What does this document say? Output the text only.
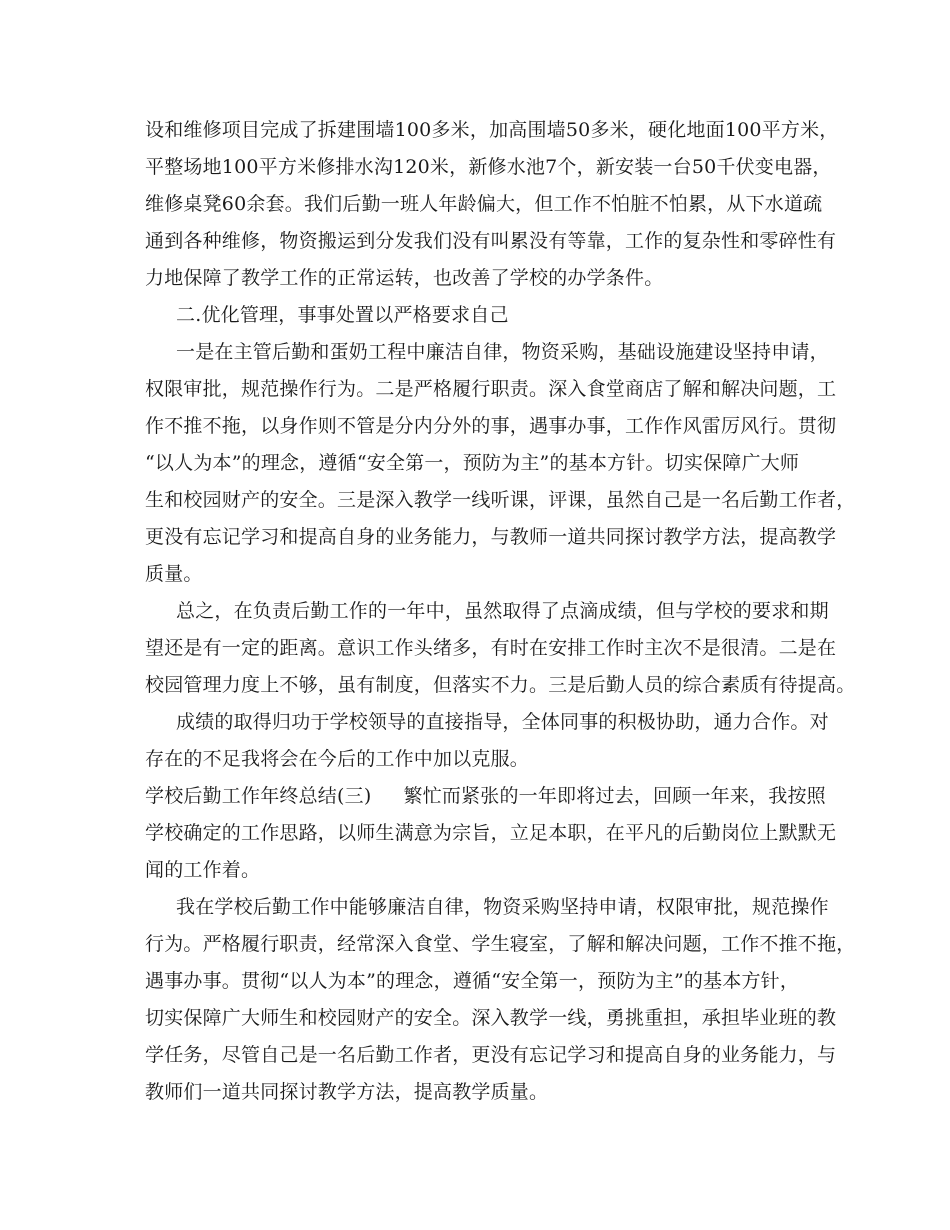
设和维修项目完成了拆建围墙100多米，加高围墙50多米，硬化地面100平方米，

平整场地100平方米修排水沟120米，新修水池7个，新安装一台50千伏变电器，

维修桌凳60余套。我们后勤一班人年龄偏大，但工作不怕脏不怕累，从下水道疏

通到各种维修，物资搬运到分发我们没有叫累没有等靠，工作的复杂性和零碎性有

力地保障了教学工作的正常运转，也改善了学校的办学条件。

二.优化管理，事事处置以严格要求自己

一是在主管后勤和蛋奶工程中廉洁自律，物资采购，基础设施建设坚持申请，

权限审批，规范操作行为。二是严格履行职责。深入食堂商店了解和解决问题，工

作不推不拖，以身作则不管是分内分外的事，遇事办事，工作作风雷厉风行。贯彻

“以人为本”的理念，遵循“安全第一，预防为主”的基本方针。切实保障广大师

生和校园财产的安全。三是深入教学一线听课，评课，虽然自己是一名后勤工作者，

更没有忘记学习和提高自身的业务能力，与教师一道共同探讨教学方法，提高教学

质量。

总之，在负责后勤工作的一年中，虽然取得了点滴成绩，但与学校的要求和期

望还是有一定的距离。意识工作头绪多，有时在安排工作时主次不是很清。二是在

校园管理力度上不够，虽有制度，但落实不力。三是后勤人员的综合素质有待提高。

成绩的取得归功于学校领导的直接指导，全体同事的积极协助，通力合作。对

存在的不足我将会在今后的工作中加以克服。

学校后勤工作年终总结(三) 繁忙而紧张的一年即将过去，回顾一年来，我按照

学校确定的工作思路，以师生满意为宗旨，立足本职，在平凡的后勤岗位上默默无

闻的工作着。

我在学校后勤工作中能够廉洁自律，物资采购坚持申请，权限审批，规范操作

行为。严格履行职责，经常深入食堂、学生寝室，了解和解决问题，工作不推不拖，

遇事办事。贯彻“以人为本”的理念，遵循“安全第一，预防为主”的基本方针，

切实保障广大师生和校园财产的安全。深入教学一线，勇挑重担，承担毕业班的教

学任务，尽管自己是一名后勤工作者，更没有忘记学习和提高自身的业务能力，与

教师们一道共同探讨教学方法，提高教学质量。
